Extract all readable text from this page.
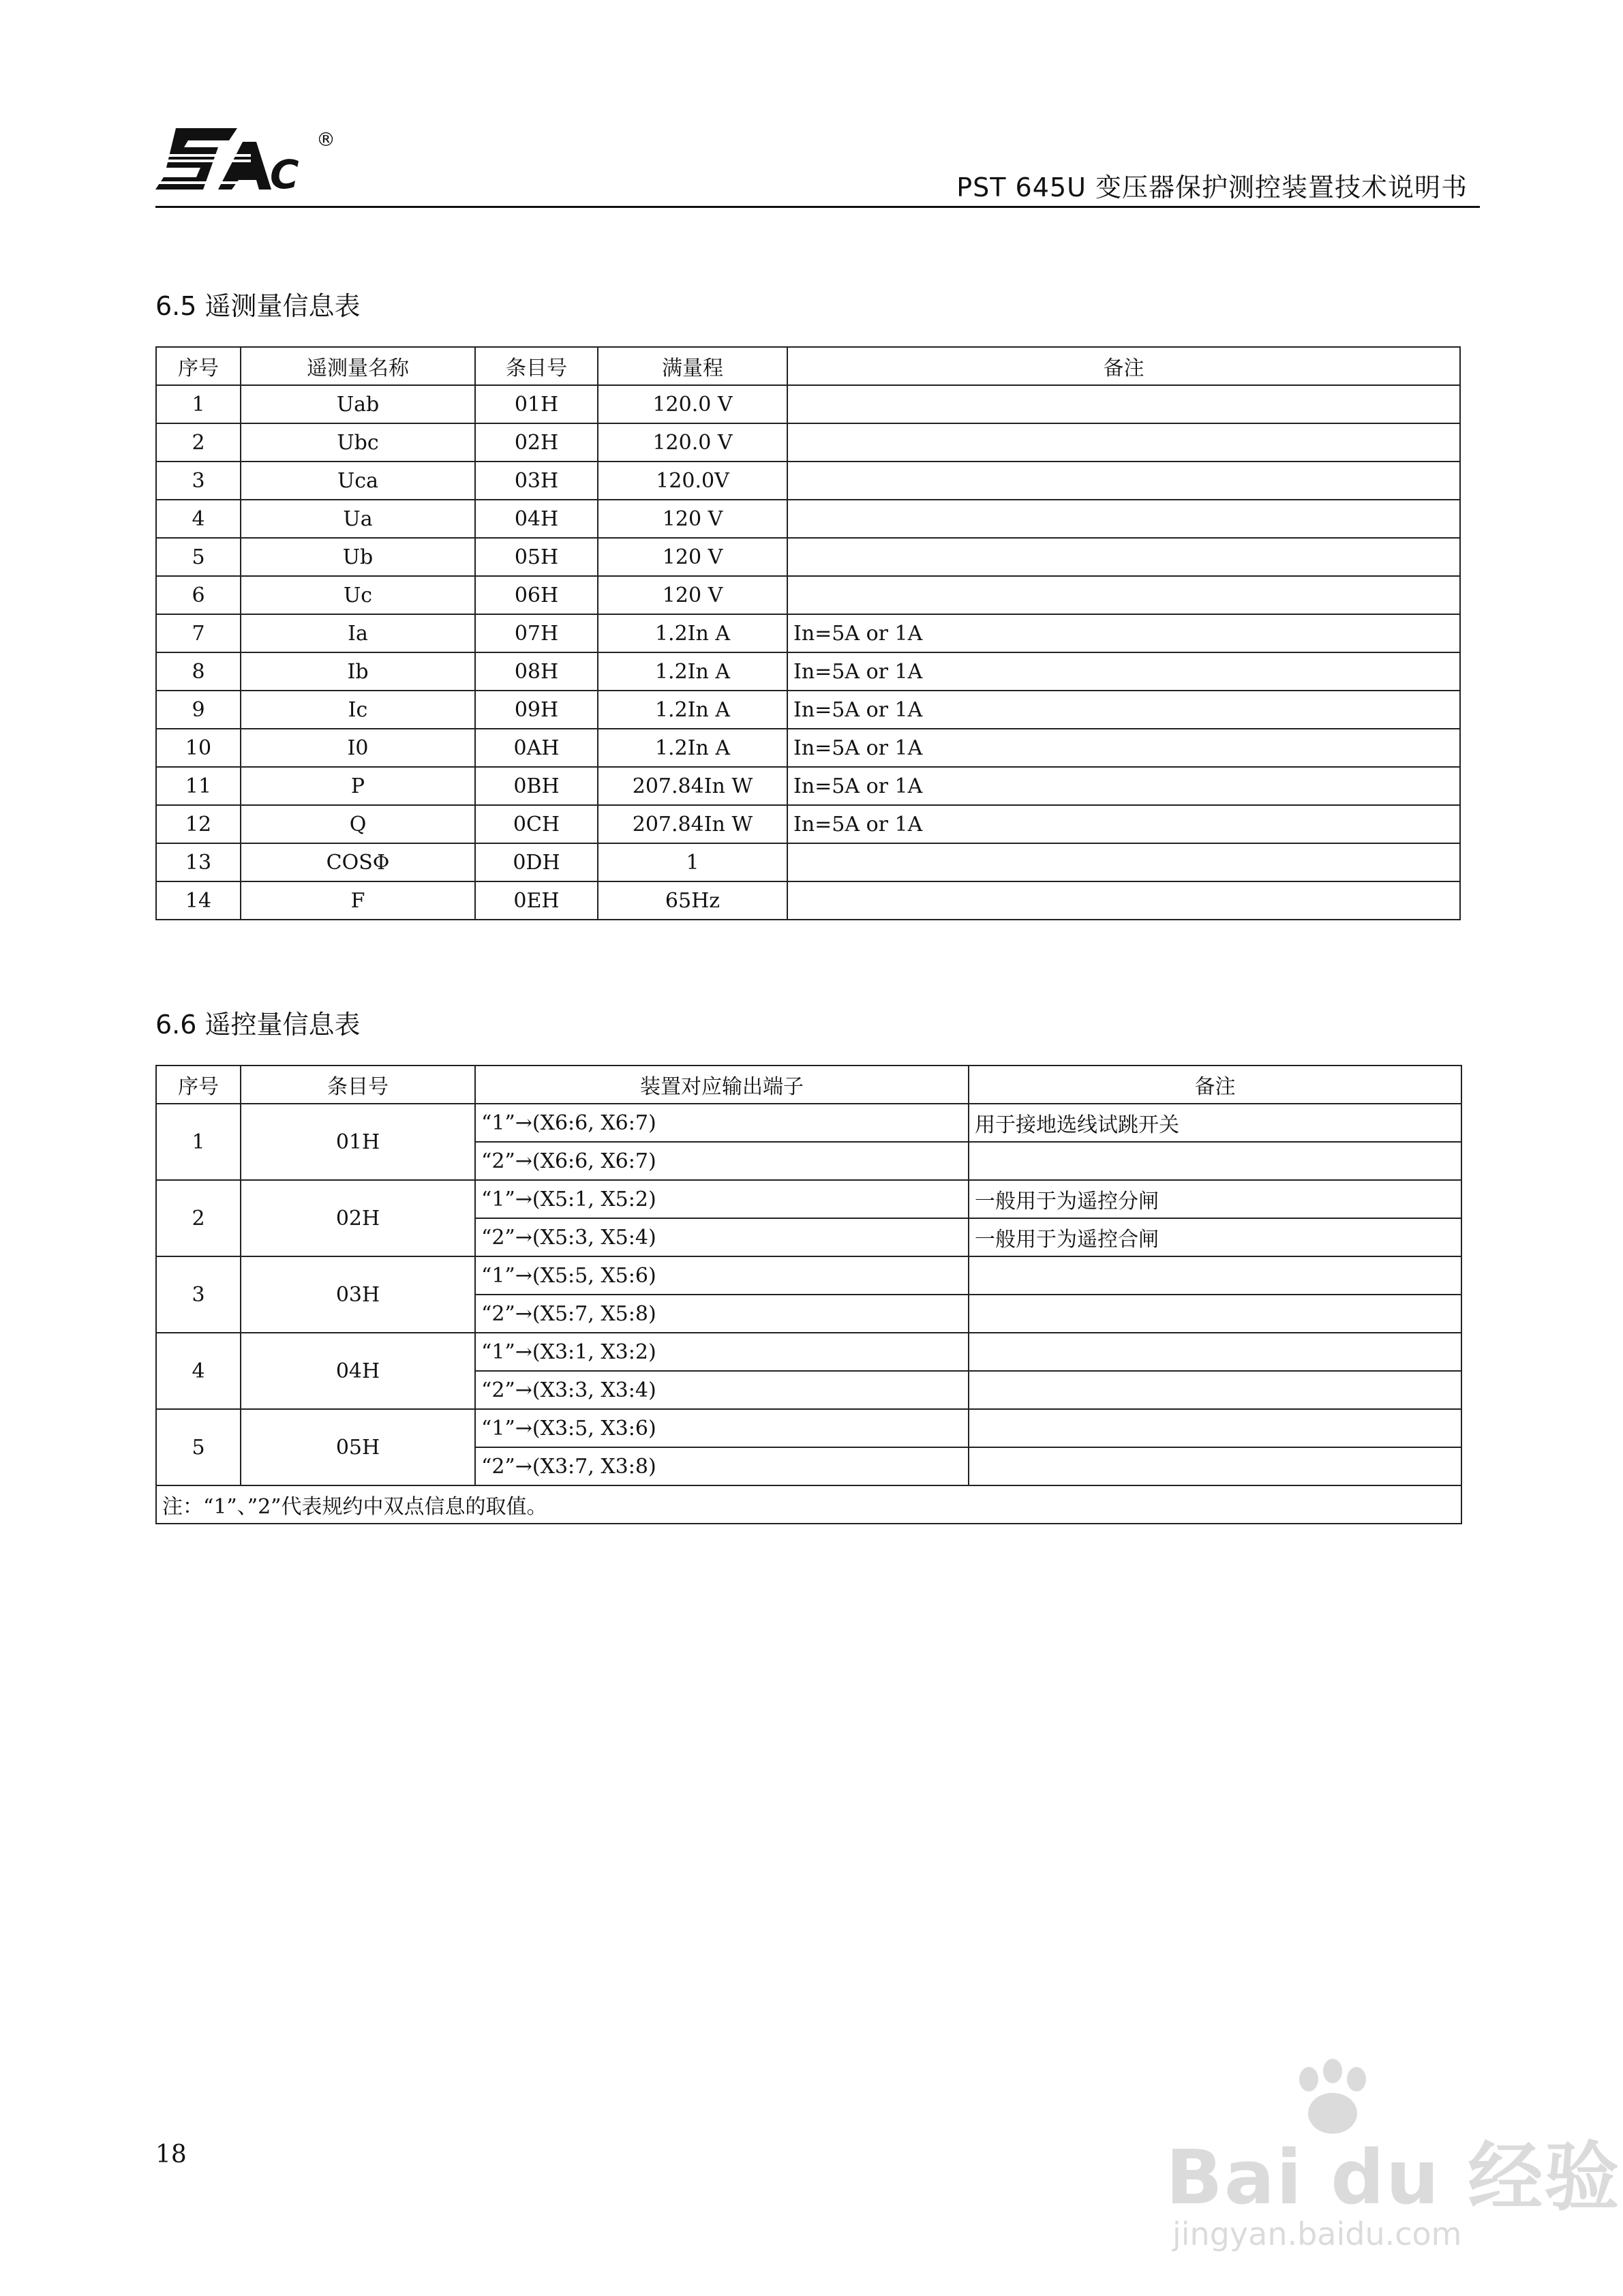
C
®
PST 645U 变压器保护测控装置技术说明书
6.5 遥测量信息表
序号	遥测量名称	条目号	满量程	备注
1	Uab	01H	120.0 V	
2	Ubc	02H	120.0 V	
3	Uca	03H	120.0V	
4	Ua	04H	120 V	
5	Ub	05H	120 V	
6	Uc	06H	120 V	
7	Ia	07H	1.2In A	In=5A or 1A
8	Ib	08H	1.2In A	In=5A or 1A
9	Ic	09H	1.2In A	In=5A or 1A
10	I0	0AH	1.2In A	In=5A or 1A
11	P	0BH	207.84In W	In=5A or 1A
12	Q	0CH	207.84In W	In=5A or 1A
13	COSΦ	0DH	1	
14	F	0EH	65Hz	
6.6 遥控量信息表
序号	条目号	装置对应输出端子	备注
1	01H	“1”→(X6:6, X6:7)	用于接地选线试跳开关
		“2”→(X6:6, X6:7)	
2	02H	“1”→(X5:1, X5:2)	一般用于为遥控分闸
		“2”→(X5:3, X5:4)	一般用于为遥控合闸
3	03H	“1”→(X5:5, X5:6)	
		“2”→(X5:7, X5:8)	
4	04H	“1”→(X3:1, X3:2)	
		“2”→(X3:3, X3:4)	
5	05H	“1”→(X3:5, X3:6)	
		“2”→(X3:7, X3:8)	
注：“1”、”2”代表规约中双点信息的取值。			
18	Bai du 经验
jingyan.baidu.com
